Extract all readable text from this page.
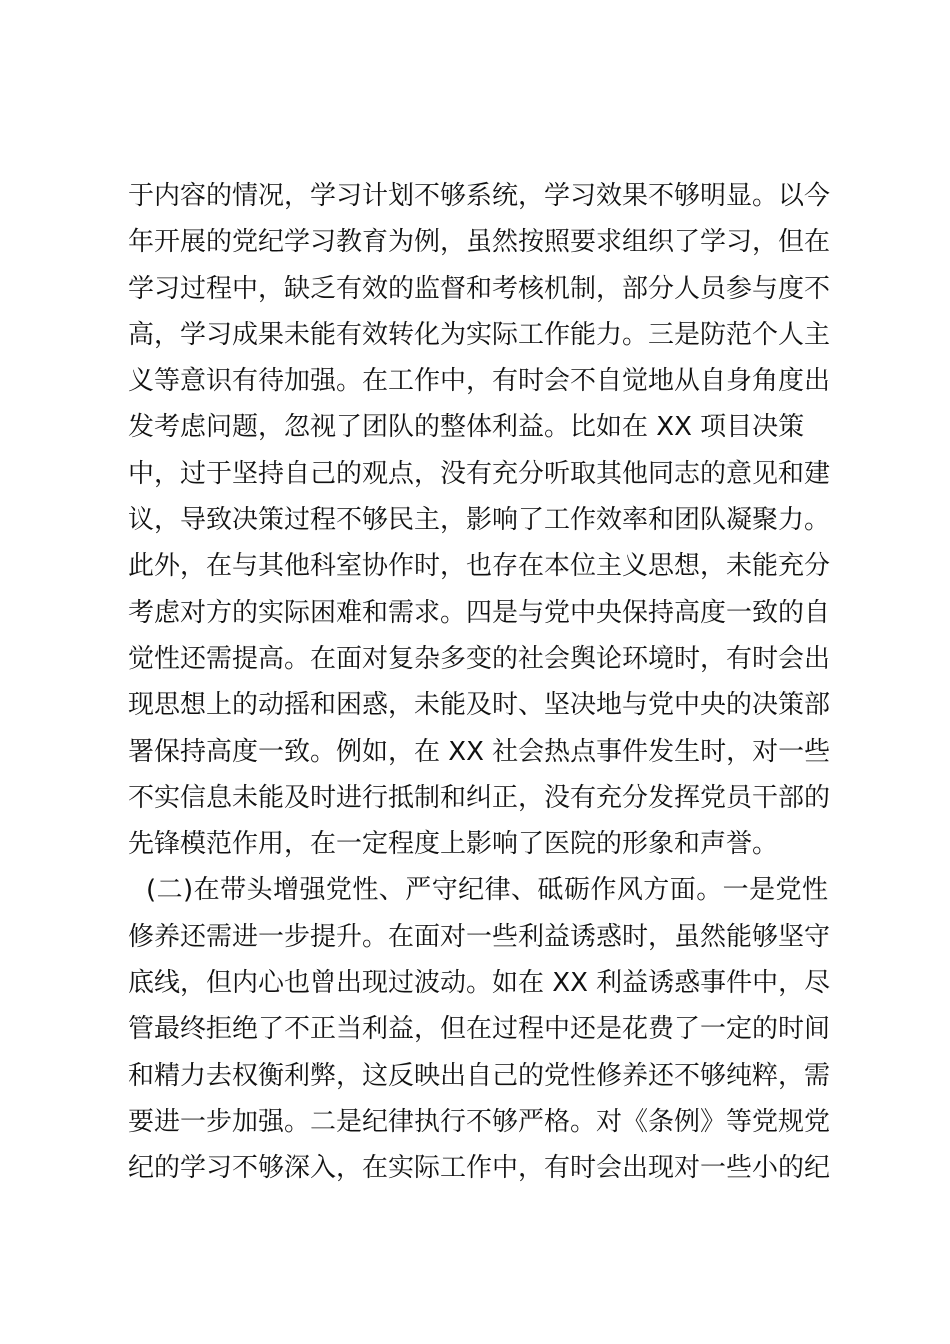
于内容的情况，学习计划不够系统，学习效果不够明显。以今
年开展的党纪学习教育为例，虽然按照要求组织了学习，但在
学习过程中，缺乏有效的监督和考核机制，部分人员参与度不
高，学习成果未能有效转化为实际工作能力。三是防范个人主
义等意识有待加强。在工作中，有时会不自觉地从自身角度出
发考虑问题，忽视了团队的整体利益。比如在 XX 项目决策
中，过于坚持自己的观点，没有充分听取其他同志的意见和建
议，导致决策过程不够民主，影响了工作效率和团队凝聚力。
此外，在与其他科室协作时，也存在本位主义思想，未能充分
考虑对方的实际困难和需求。四是与党中央保持高度一致的自
觉性还需提高。在面对复杂多变的社会舆论环境时，有时会出
现思想上的动摇和困惑，未能及时、坚决地与党中央的决策部
署保持高度一致。例如，在 XX 社会热点事件发生时，对一些
不实信息未能及时进行抵制和纠正，没有充分发挥党员干部的
先锋模范作用，在一定程度上影响了医院的形象和声誉。
(二)在带头增强党性、严守纪律、砥砺作风方面。一是党性
修养还需进一步提升。在面对一些利益诱惑时，虽然能够坚守
底线，但内心也曾出现过波动。如在 XX 利益诱惑事件中，尽
管最终拒绝了不正当利益，但在过程中还是花费了一定的时间
和精力去权衡利弊，这反映出自己的党性修养还不够纯粹，需
要进一步加强。二是纪律执行不够严格。对《条例》等党规党
纪的学习不够深入，在实际工作中，有时会出现对一些小的纪
